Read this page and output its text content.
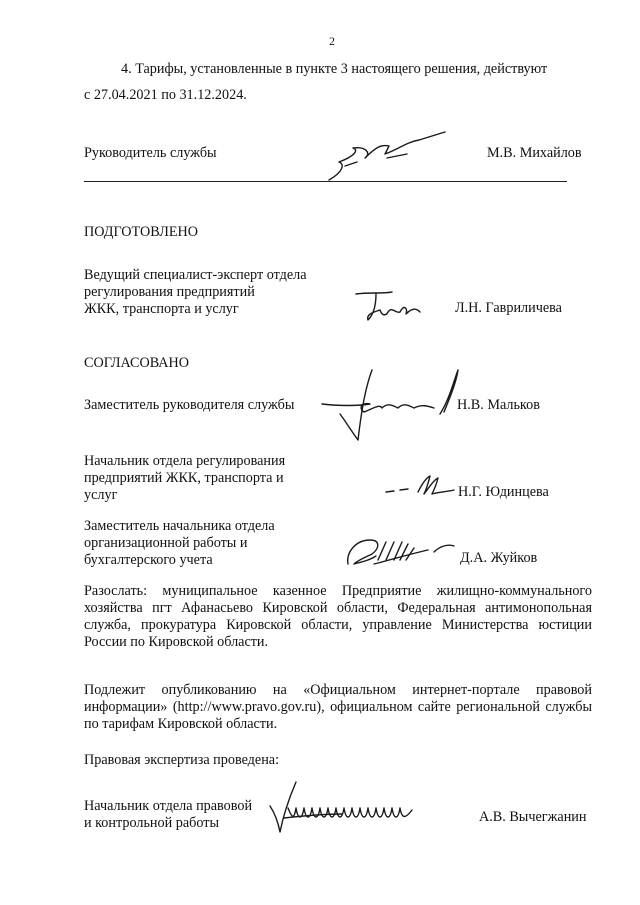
2
4. Тарифы, установленные в пункте 3 настоящего решения, действуют
с 27.04.2021 по 31.12.2024.
Руководитель службы	М.В. Михайлов
ПОДГОТОВЛЕНО
Ведущий специалист-эксперт отдела
регулирования предприятий
ЖКК, транспорта и услуг	Л.Н. Гавриличева
СОГЛАСОВАНО
Заместитель руководителя службы	Н.В. Мальков
Начальник отдела регулирования
предприятий ЖКК, транспорта и
услуг	Н.Г. Юдинцева
Заместитель начальника отдела
организационной работы и
бухгалтерского учета	Д.А. Жуйков
Разослать: муниципальное казенное Предприятие жилищно-коммунального хозяйства пгт Афанасьево Кировской области, Федеральная антимонопольная служба, прокуратура Кировской области, управление Министерства юстиции России по Кировской области.
Подлежит опубликованию на «Официальном интернет-портале правовой информации» (http://www.pravo.gov.ru), официальном сайте региональной службы по тарифам Кировской области.
Правовая экспертиза проведена:
Начальник отдела правовой
и контрольной работы	А.В. Вычегжанин
